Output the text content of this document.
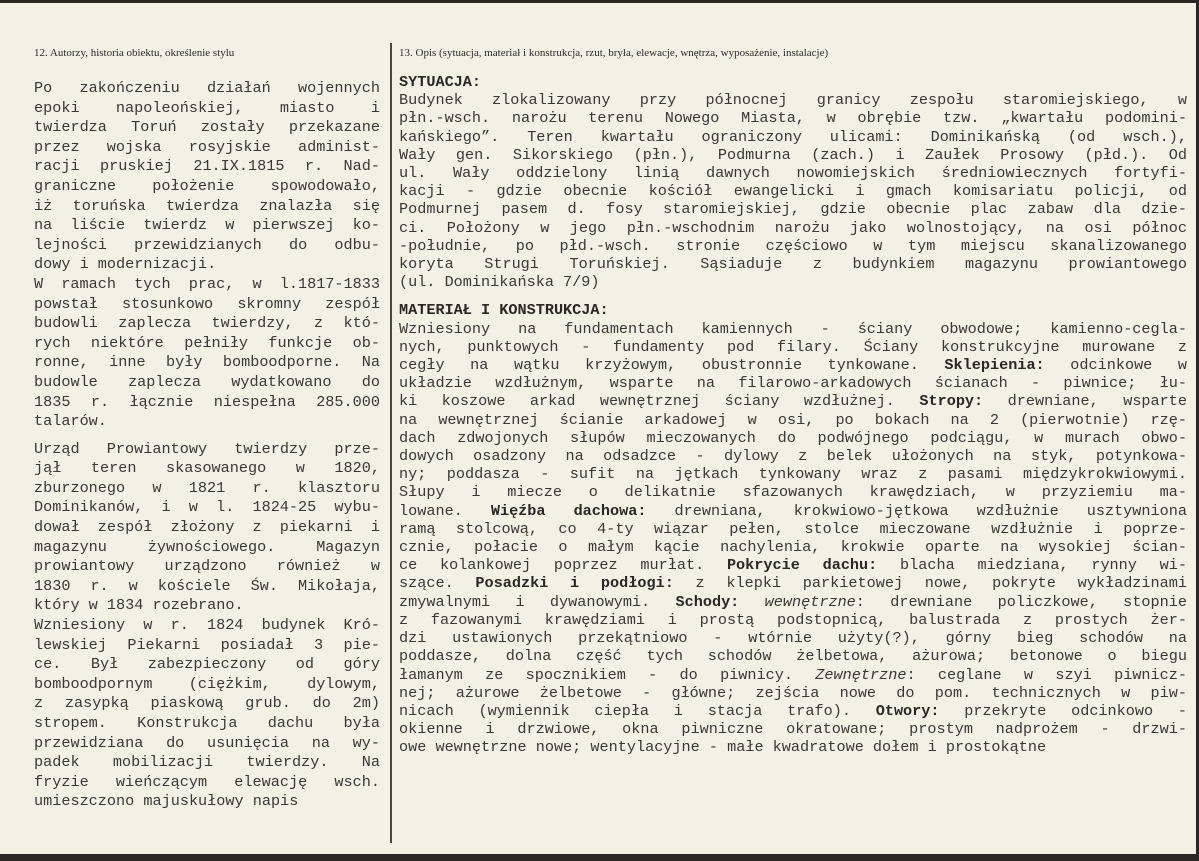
12. Autorzy, historia obiektu, określenie stylu	13. Opis (sytuacja, materiał i konstrukcja, rzut, bryła, elewacje, wnętrza, wyposażenie, instalacje)
Po zakończeniu działań wojennych
epoki napoleońskiej, miasto i
twierdza Toruń zostały przekazane
przez wojska rosyjskie administ-
racji pruskiej 21.IX.1815 r. Nad-
graniczne położenie spowodowało,
iż toruńska twierdza znalazła się
na liście twierdz w pierwszej ko-
lejności przewidzianych do odbu-
dowy i modernizacji.
W ramach tych prac, w l.1817-1833
powstał stosunkowo skromny zespół
budowli zaplecza twierdzy, z któ-
rych niektóre pełniły funkcje ob-
ronne, inne były bomboodporne. Na
budowle zaplecza wydatkowano do
1835 r. łącznie niespełna 285.000
talarów.
Urząd Prowiantowy twierdzy prze-
jął teren skasowanego w 1820,
zburzonego w 1821 r. klasztoru
Dominikanów, i w l. 1824-25 wybu-
dował zespół złożony z piekarni i
magazynu żywnościowego. Magazyn
prowiantowy urządzono również w
1830 r. w kościele Św. Mikołaja,
który w 1834 rozebrano.
Wzniesiony w r. 1824 budynek Kró-
lewskiej Piekarni posiadał 3 pie-
ce. Był zabezpieczony od góry
bomboodpornym (ciężkim, dylowym,
z zasypką piaskową grub. do 2m)
stropem. Konstrukcja dachu była
przewidziana do usunięcia na wy-
padek mobilizacji twierdzy. Na
fryzie wieńczącym elewację wsch.
umieszczono majuskułowy napis
SYTUACJA:
Budynek zlokalizowany przy północnej granicy zespołu staromiejskiego, w
płn.-wsch. narożu terenu Nowego Miasta, w obrębie tzw. „kwartału podomini-
kańskiego”. Teren kwartału ograniczony ulicami: Dominikańską (od wsch.),
Wały gen. Sikorskiego (płn.), Podmurna (zach.) i Zaułek Prosowy (płd.). Od
ul. Wały oddzielony linią dawnych nowomiejskich średniowiecznych fortyfi-
kacji - gdzie obecnie kościół ewangelicki i gmach komisariatu policji, od
Podmurnej pasem d. fosy staromiejskiej, gdzie obecnie plac zabaw dla dzie-
ci. Położony w jego płn.-wschodnim narożu jako wolnostojący, na osi północ
-południe, po płd.-wsch. stronie częściowo w tym miejscu skanalizowanego
koryta Strugi Toruńskiej. Sąsiaduje z budynkiem magazynu prowiantowego
(ul. Dominikańska 7/9)
MATERIAŁ I KONSTRUKCJA:
Wzniesiony na fundamentach kamiennych - ściany obwodowe; kamienno-cegla-
nych, punktowych - fundamenty pod filary. Ściany konstrukcyjne murowane z
cegły na wątku krzyżowym, obustronnie tynkowane. Sklepienia: odcinkowe w
układzie wzdłużnym, wsparte na filarowo-arkadowych ścianach - piwnice; łu-
ki koszowe arkad wewnętrznej ściany wzdłużnej. Stropy: drewniane, wsparte
na wewnętrznej ścianie arkadowej w osi, po bokach na 2 (pierwotnie) rzę-
dach zdwojonych słupów mieczowanych do podwójnego podciągu, w murach obwo-
dowych osadzony na odsadzce - dylowy z belek ułożonych na styk, potynkowa-
ny; poddasza - sufit na jętkach tynkowany wraz z pasami międzykrokwiowymi.
Słupy i miecze o delikatnie sfazowanych krawędziach, w przyziemiu ma-
lowane. Więźba dachowa: drewniana, krokwiowo-jętkowa wzdłużnie usztywniona
ramą stolcową, co 4-ty wiązar pełen, stolce mieczowane wzdłużnie i poprze-
cznie, połacie o małym kącie nachylenia, krokwie oparte na wysokiej ścian-
ce kolankowej poprzez murłat. Pokrycie dachu: blacha miedziana, rynny wi-
szące. Posadzki i podłogi: z klepki parkietowej nowe, pokryte wykładzinami
zmywalnymi i dywanowymi. Schody: wewnętrzne: drewniane policzkowe, stopnie
z fazowanymi krawędziami i prostą podstopnicą, balustrada z prostych żer-
dzi ustawionych przekątniowo - wtórnie użyty(?), górny bieg schodów na
poddasze, dolna część tych schodów żelbetowa, ażurowa; betonowe o biegu
łamanym ze spocznikiem - do piwnicy. Zewnętrzne: ceglane w szyi piwnicz-
nej; ażurowe żelbetowe - główne; zejścia nowe do pom. technicznych w piw-
nicach (wymiennik ciepła i stacja trafo). Otwory: przekryte odcinkowo -
okienne i drzwiowe, okna piwniczne okratowane; prostym nadprożem - drzwi-
owe wewnętrzne nowe; wentylacyjne - małe kwadratowe dołem i prostokątne
